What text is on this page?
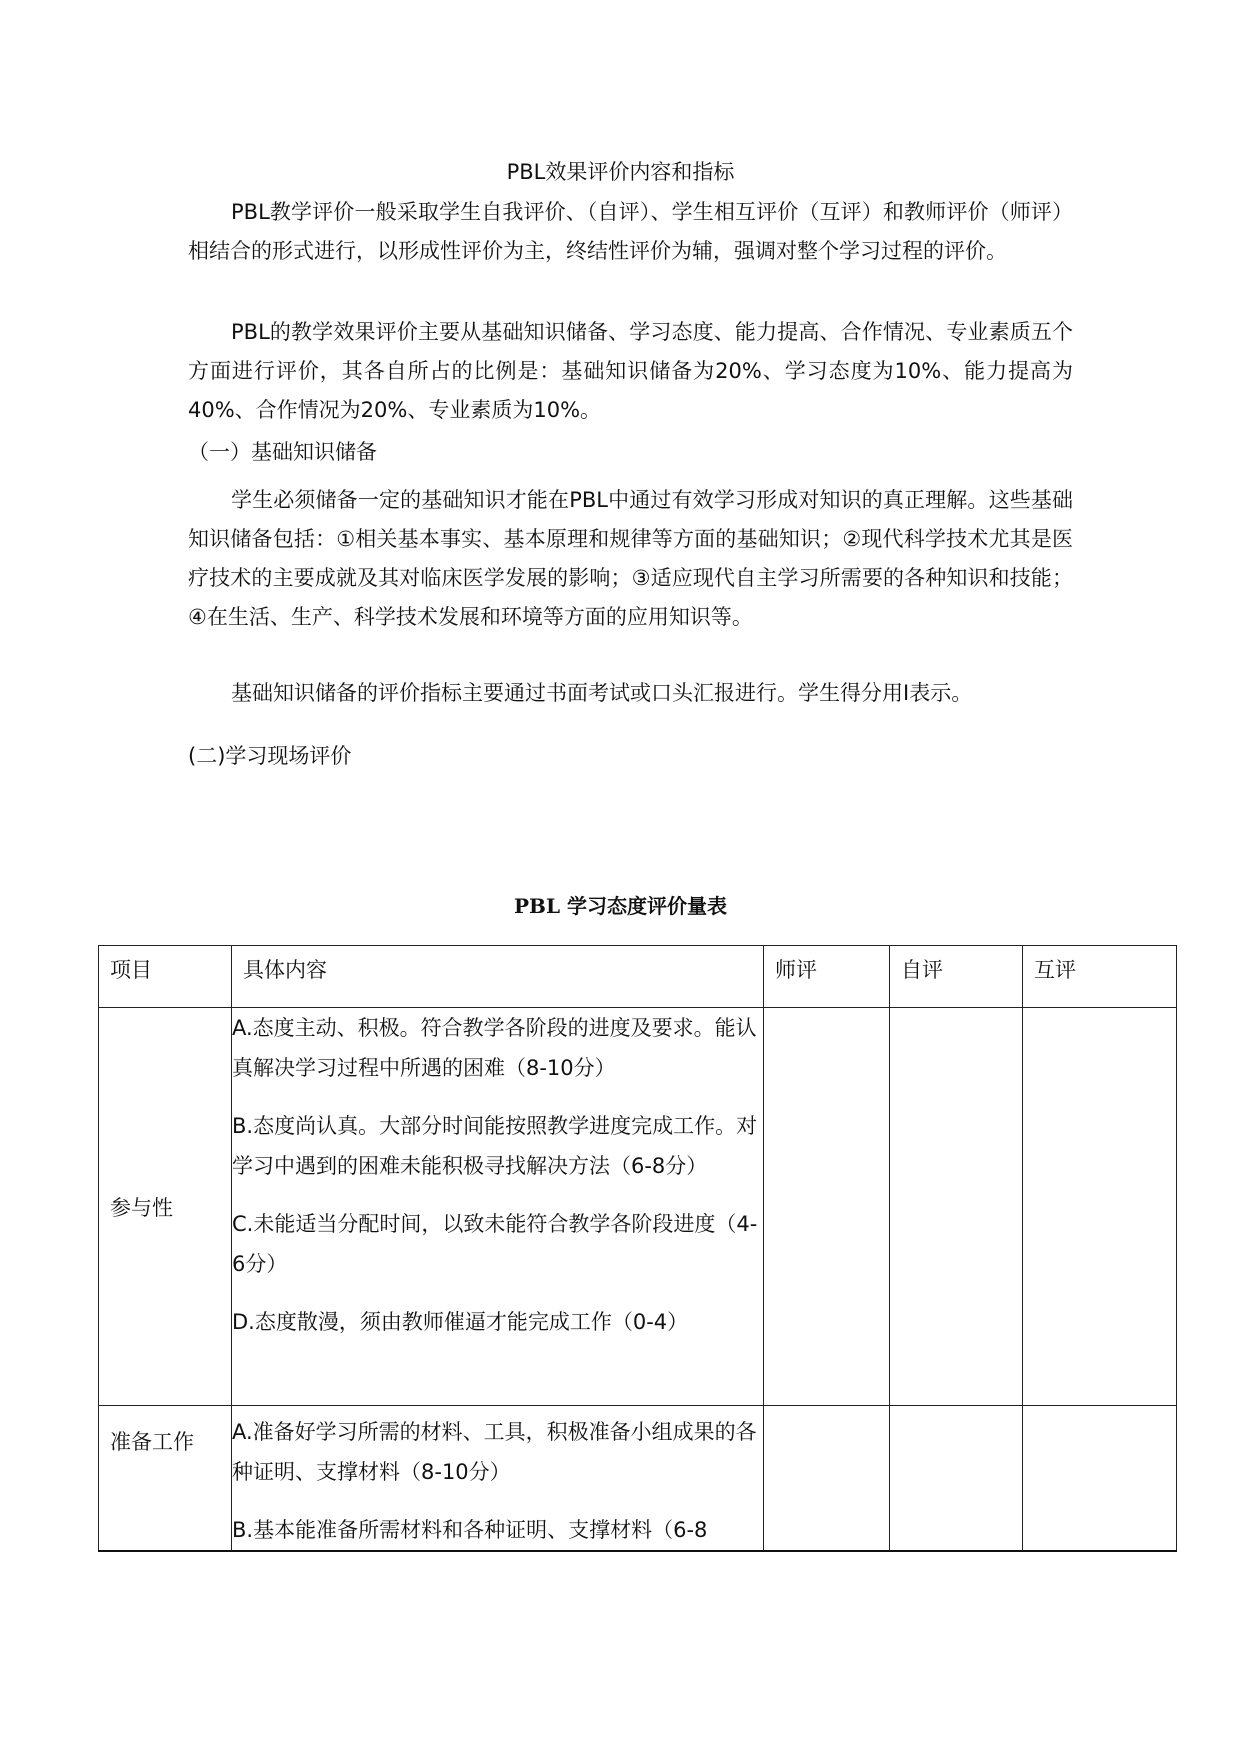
PBL效果评价内容和指标

PBL教学评价一般采取学生自我评价、（自评）、学生相互评价（互评）和教师评价（师评）相结合的形式进行，以形成性评价为主，终结性评价为辅，强调对整个学习过程的评价。

PBL的教学效果评价主要从基础知识储备、学习态度、能力提高、合作情况、专业素质五个方面进行评价，其各自所占的比例是：基础知识储备为20%、学习态度为10%、能力提高为40%、合作情况为20%、专业素质为10%。

（一）基础知识储备

学生必须储备一定的基础知识才能在PBL中通过有效学习形成对知识的真正理解。这些基础知识储备包括：①相关基本事实、基本原理和规律等方面的基础知识；②现代科学技术尤其是医疗技术的主要成就及其对临床医学发展的影响；③适应现代自主学习所需要的各种知识和技能；④在生活、生产、科学技术发展和环境等方面的应用知识等。

基础知识储备的评价指标主要通过书面考试或口头汇报进行。学生得分用Ⅰ表示。

(二)学习现场评价
PBL 学习态度评价量表
项目	具体内容	师评	自评	互评

参与性	A.态度主动、积极。符合教学各阶段的进度及要求。能认真解决学习过程中所遇的困难（8-10分）

B.态度尚认真。大部分时间能按照教学进度完成工作。对学习中遇到的困难未能积极寻找解决方法（6-8分）

C.未能适当分配时间，以致未能符合教学各阶段进度（4-6分）

D.态度散漫，须由教师催逼才能完成工作（0-4）			

准备工作	A.准备好学习所需的材料、工具，积极准备小组成果的各种证明、支撑材料（8-10分）

B.基本能准备所需材料和各种证明、支撑材料（6-8			
